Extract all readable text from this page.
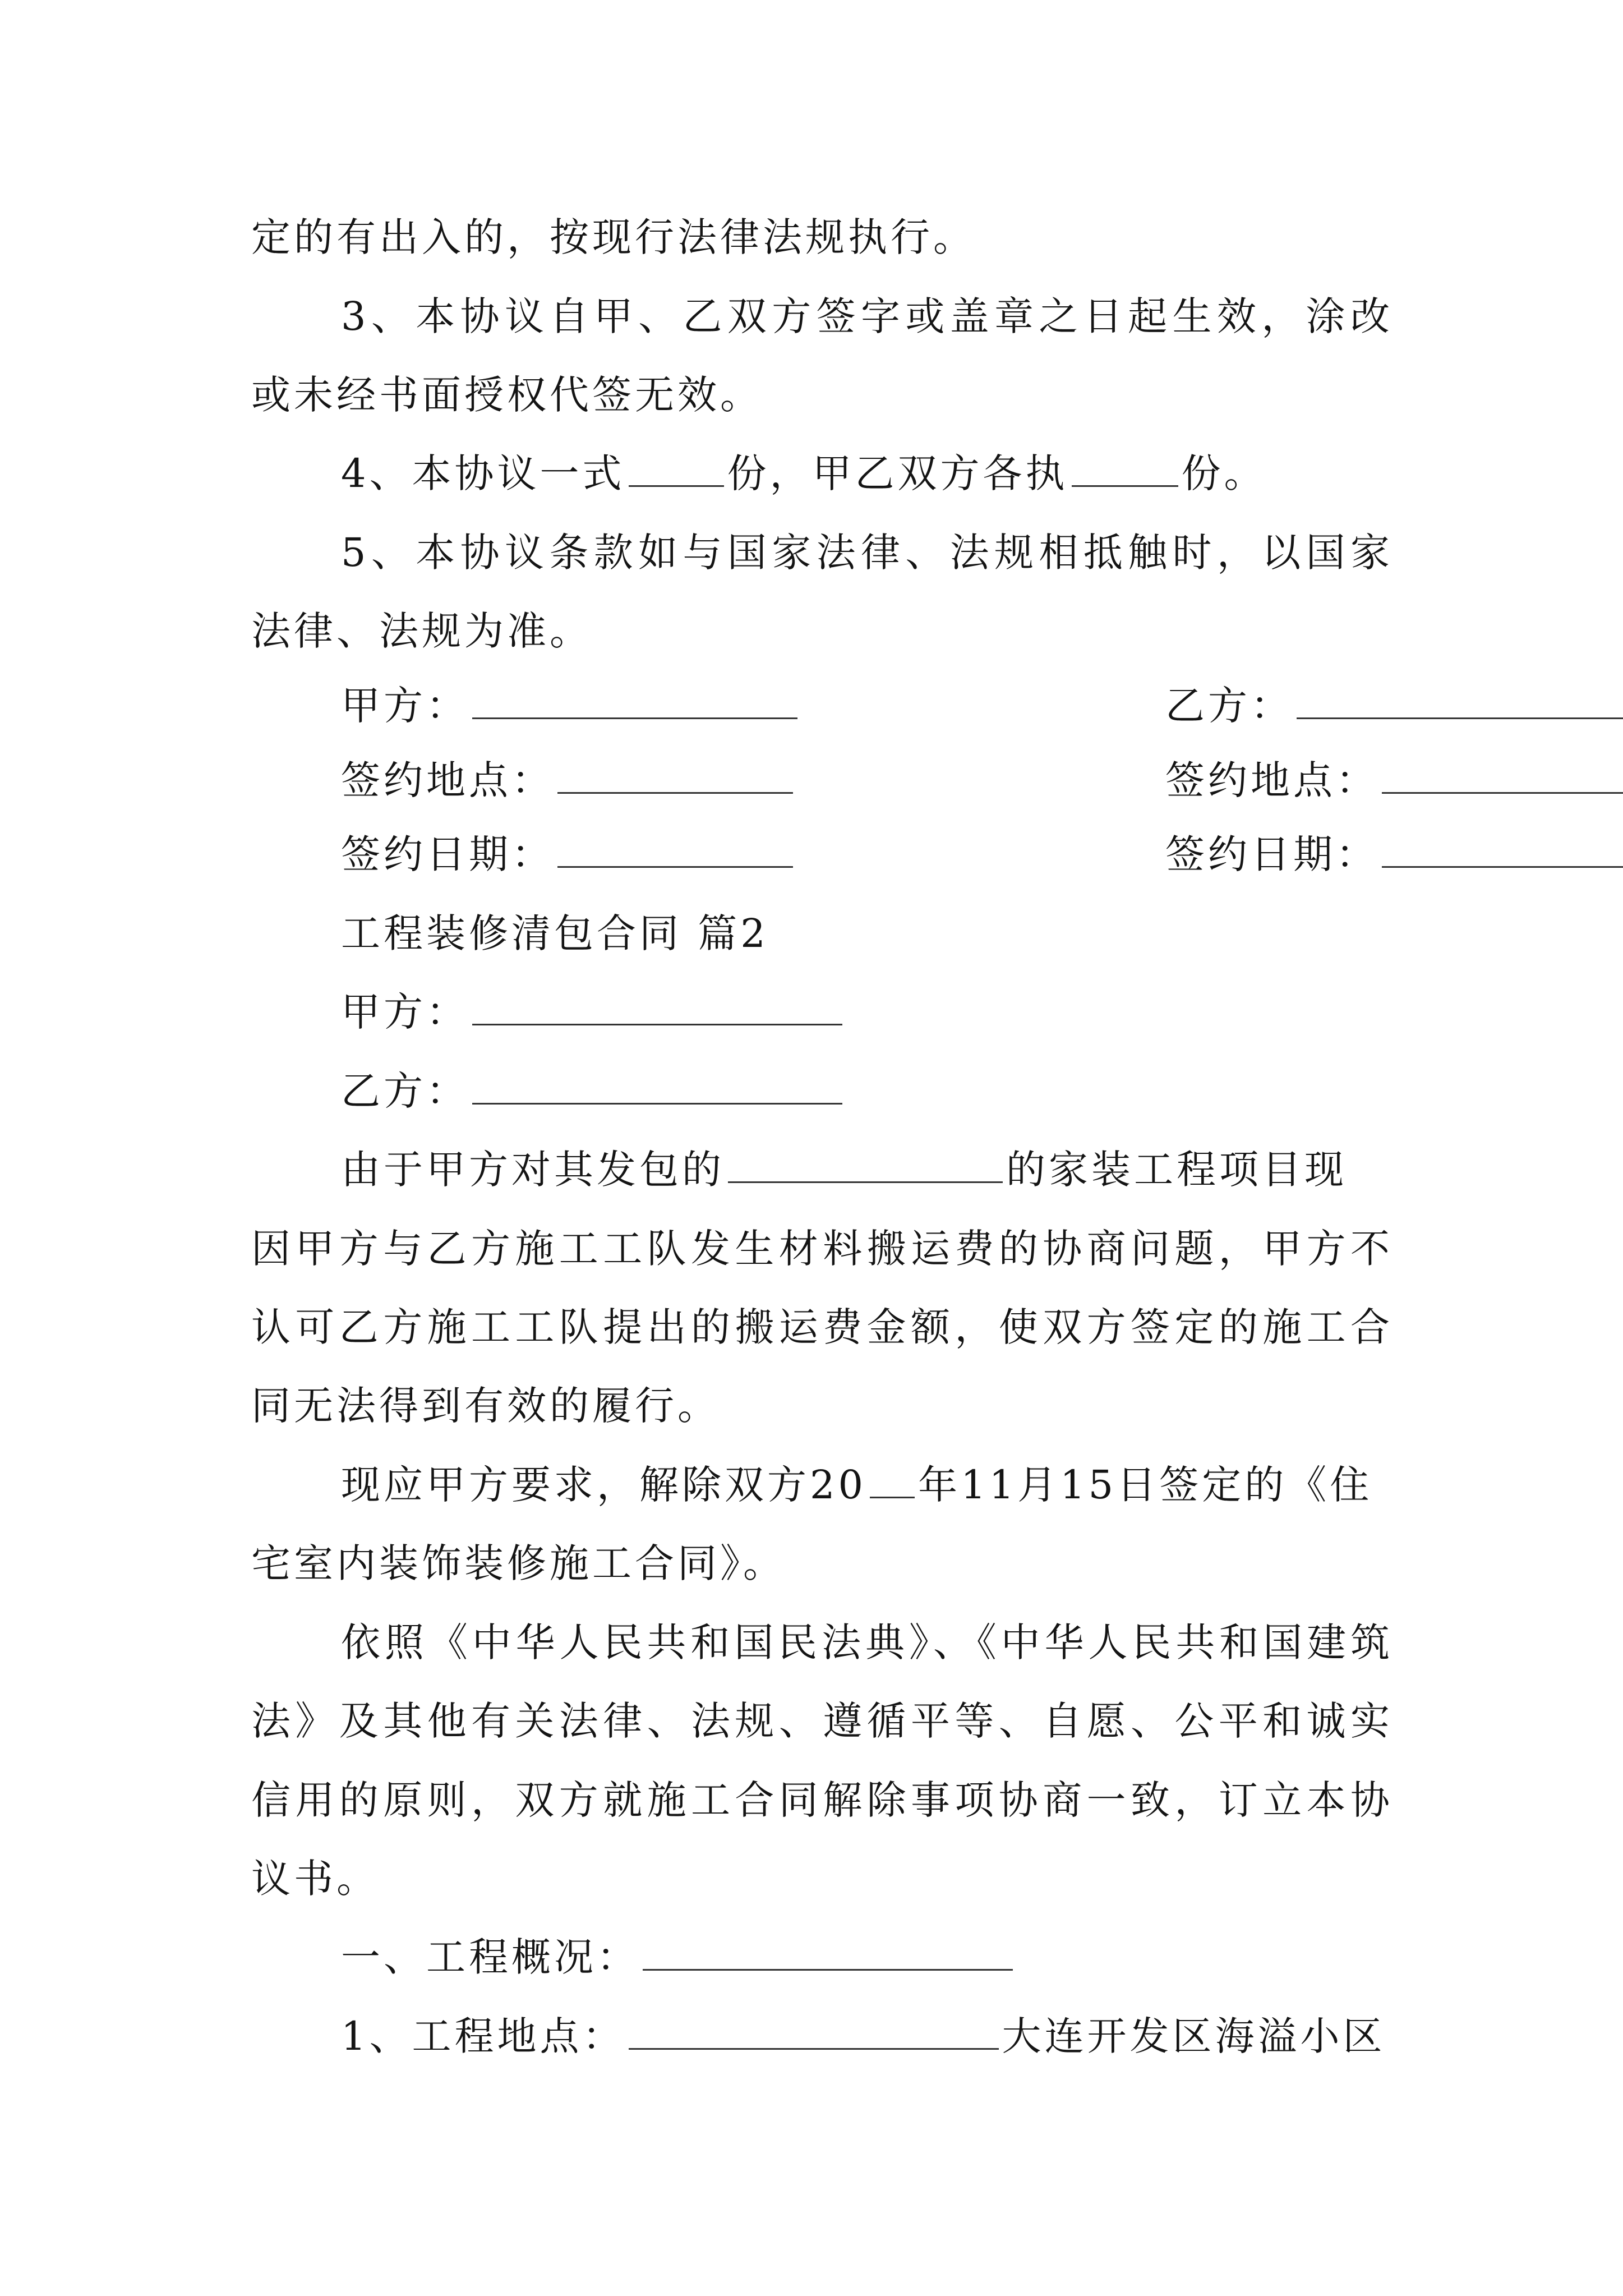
定的有出入的，按现行法律法规执行。

3、本协议自甲、乙双方签字或盖章之日起生效，涂改

或未经书面授权代签无效。

4、本协议一式	份，甲乙双方各执	份。

5、本协议条款如与国家法律、法规相抵触时，以国家

法律、法规为准。

甲方：	乙方：

签约地点：	签约地点：

签约日期：	签约日期：

工程装修清包合同 篇2

甲方：

乙方：

由于甲方对其发包的	的家装工程项目现

因甲方与乙方施工工队发生材料搬运费的协商问题，甲方不

认可乙方施工工队提出的搬运费金额，使双方签定的施工合

同无法得到有效的履行。

现应甲方要求，解除双方20 年11月15日签定的《住

宅室内装饰装修施工合同》。

依照《中华人民共和国民法典》、《中华人民共和国建筑

法》及其他有关法律、法规、遵循平等、自愿、公平和诚实

信用的原则，双方就施工合同解除事项协商一致，订立本协

议书。

一、工程概况：

1、工程地点：	大连开发区海溢小区
